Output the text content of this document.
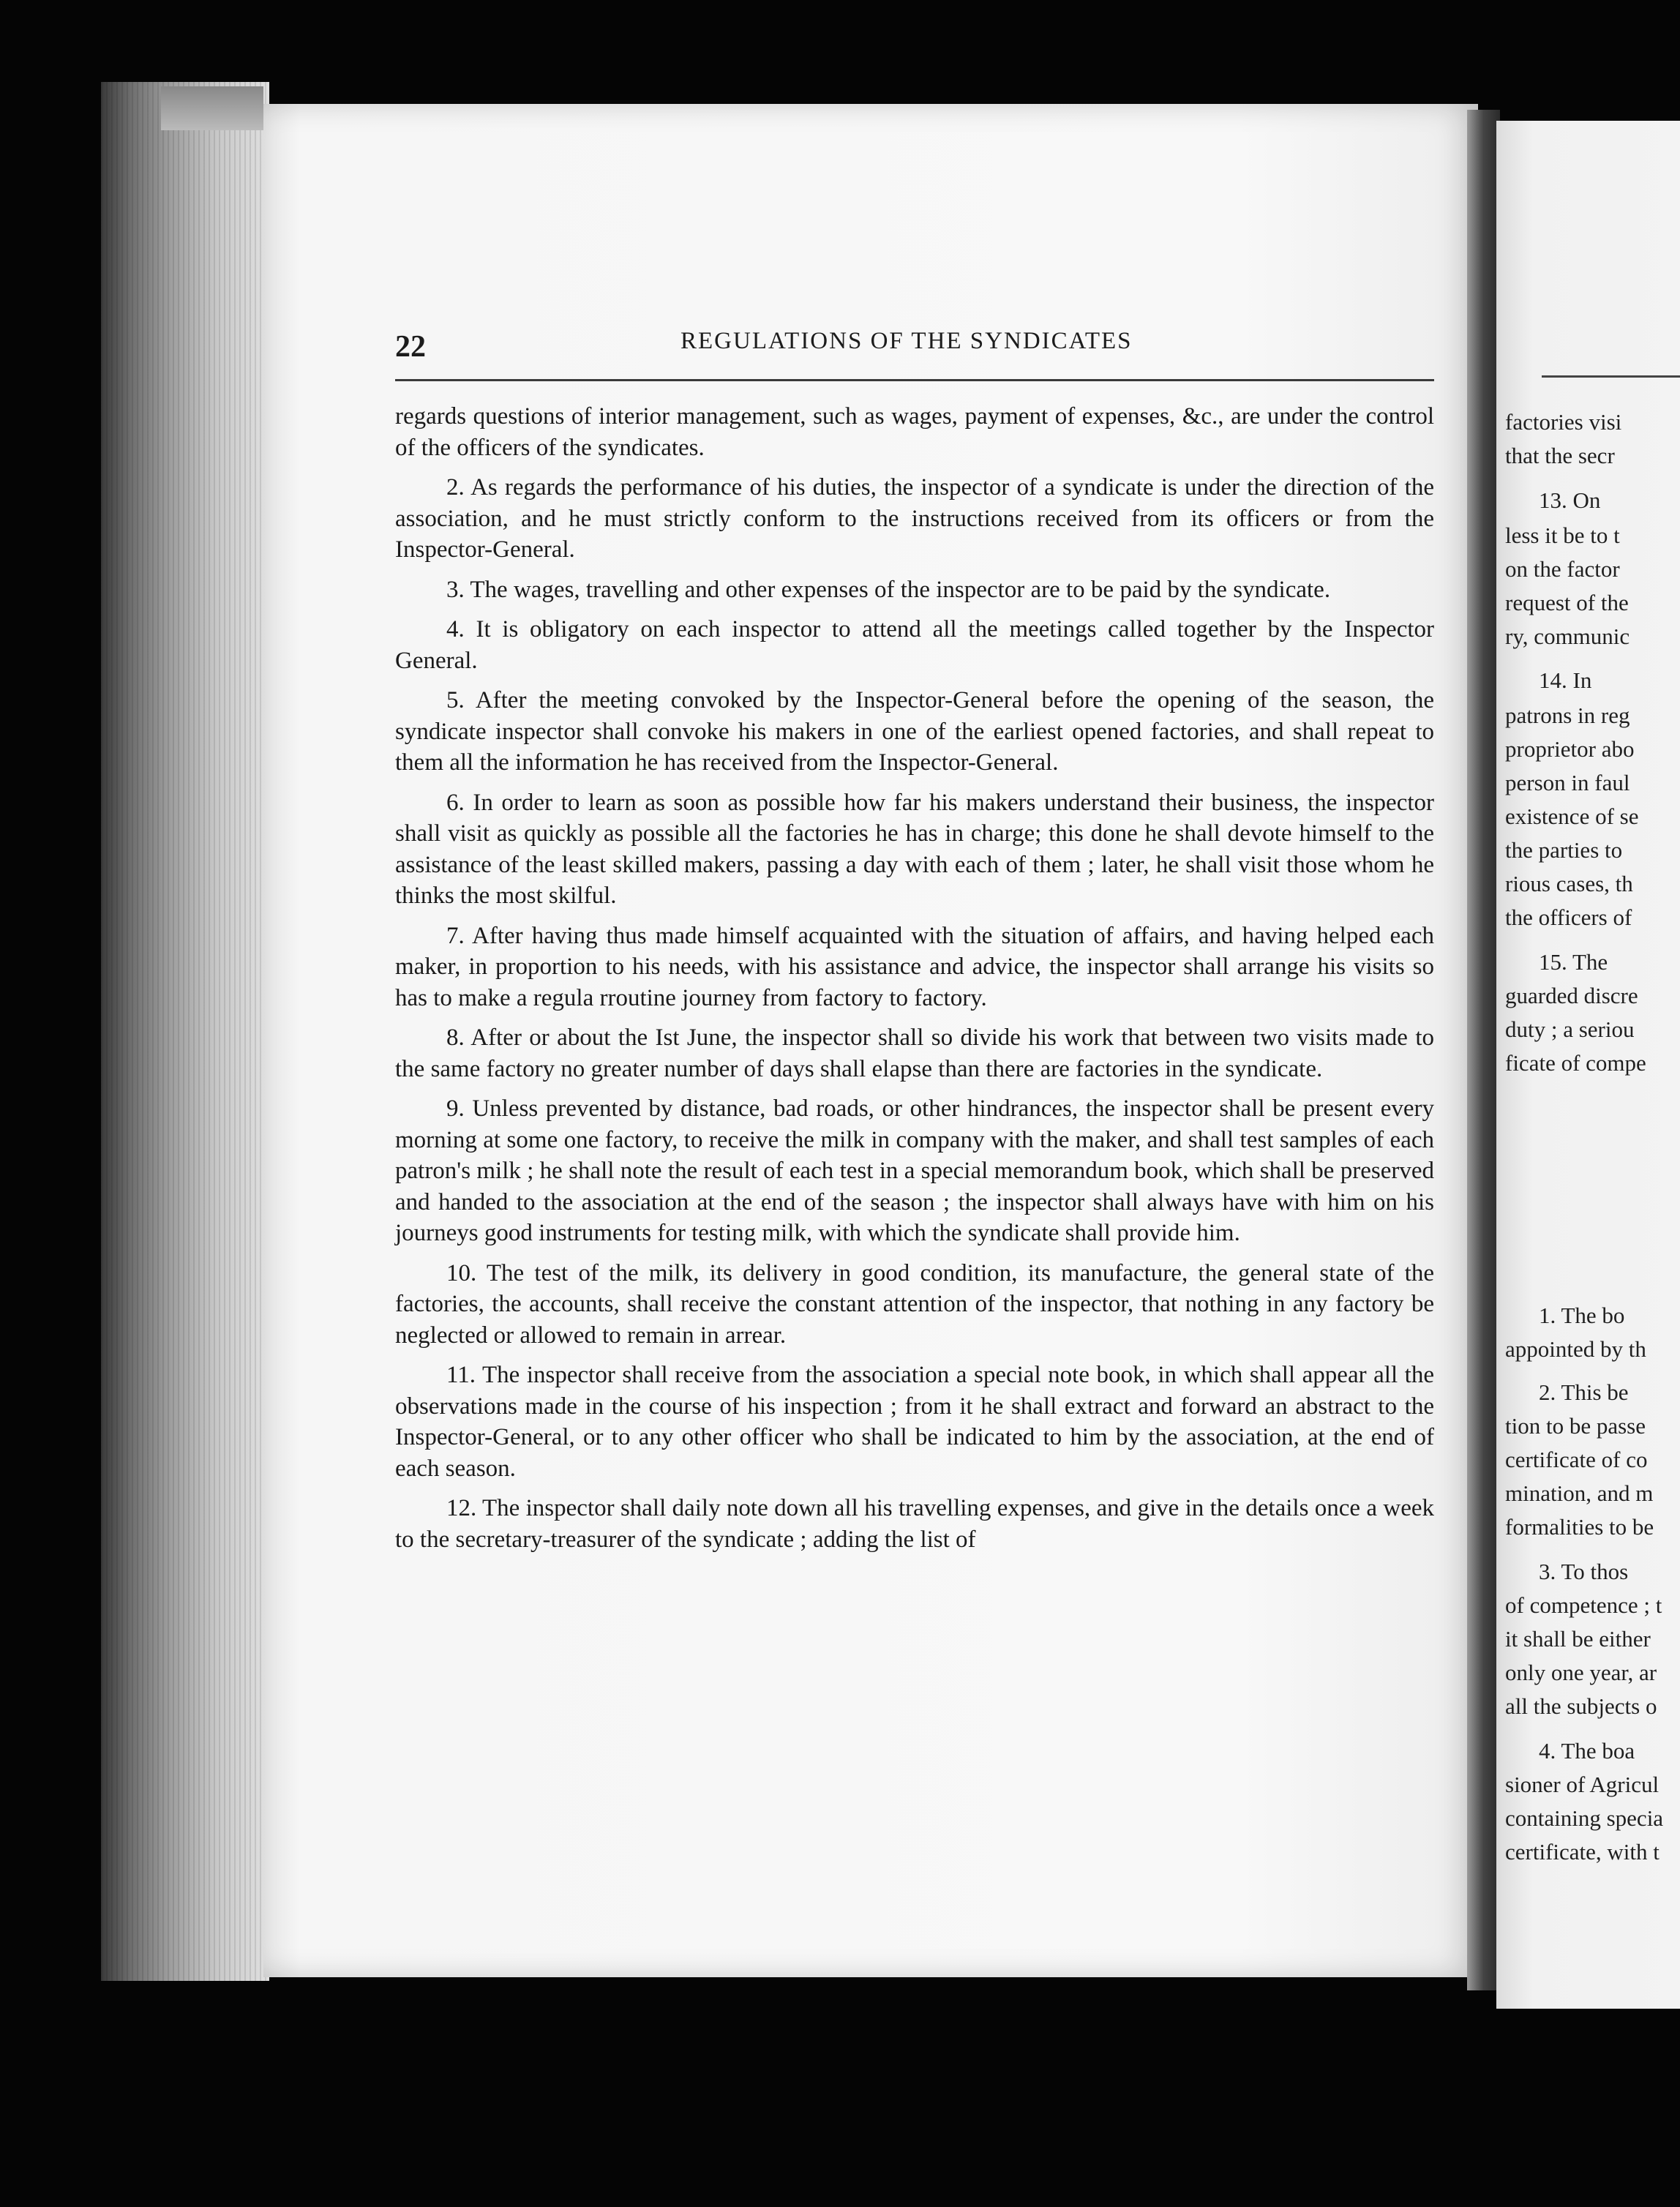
22	REGULATIONS OF THE SYNDICATES

regards questions of interior management, such as wages, payment of expenses, &c., are under the control of the officers of the syndicates.

2. As regards the performance of his duties, the inspector of a syndicate is under the direction of the association, and he must strictly conform to the instructions received from its officers or from the Inspector-General.

3. The wages, travelling and other expenses of the inspector are to be paid by the syndicate.

4. It is obligatory on each inspector to attend all the meetings called together by the Inspector General.

5. After the meeting convoked by the Inspector-General before the opening of the season, the syndicate inspector shall convoke his makers in one of the earliest opened factories, and shall repeat to them all the information he has received from the Inspector-General.

6. In order to learn as soon as possible how far his makers understand their business, the inspector shall visit as quickly as possible all the factories he has in charge; this done he shall devote himself to the assistance of the least skilled makers, passing a day with each of them ; later, he shall visit those whom he thinks the most skilful.

7. After having thus made himself acquainted with the situation of affairs, and having helped each maker, in proportion to his needs, with his assistance and advice, the inspector shall arrange his visits so has to make a regula rroutine journey from factory to factory.

8. After or about the Ist June, the inspector shall so divide his work that between two visits made to the same factory no greater number of days shall elapse than there are factories in the syndicate.

9. Unless prevented by distance, bad roads, or other hindrances, the inspector shall be present every morning at some one factory, to receive the milk in company with the maker, and shall test samples of each patron's milk ; he shall note the result of each test in a special memorandum book, which shall be preserved and handed to the association at the end of the season ; the inspector shall always have with him on his journeys good instruments for testing milk, with which the syndicate shall provide him.

10. The test of the milk, its delivery in good condition, its manufacture, the general state of the factories, the accounts, shall receive the constant attention of the inspector, that nothing in any factory be neglected or allowed to remain in arrear.

11. The inspector shall receive from the association a special note book, in which shall appear all the observations made in the course of his inspection ; from it he shall extract and forward an abstract to the Inspector-General, or to any other officer who shall be indicated to him by the association, at the end of each season.

12. The inspector shall daily note down all his travelling expenses, and give in the details once a week to the secretary-treasurer of the syndicate ; adding the list of

factories visi
that the secr
13. On
less it be to t
on the factor
request of the
ry, communic
14. In
patrons in reg
proprietor abo
person in faul
existence of se
the parties to
rious cases, th
the officers of
15. The
guarded discre
duty ; a seriou
ficate of compe
1. The bo
appointed by th
2. This be
tion to be passe
certificate of co
mination, and m
formalities to be
3. To thos
of competence ; t
it shall be either
only one year, ar
all the subjects o
4. The boa
sioner of Agricul
containing specia
certificate, with t
